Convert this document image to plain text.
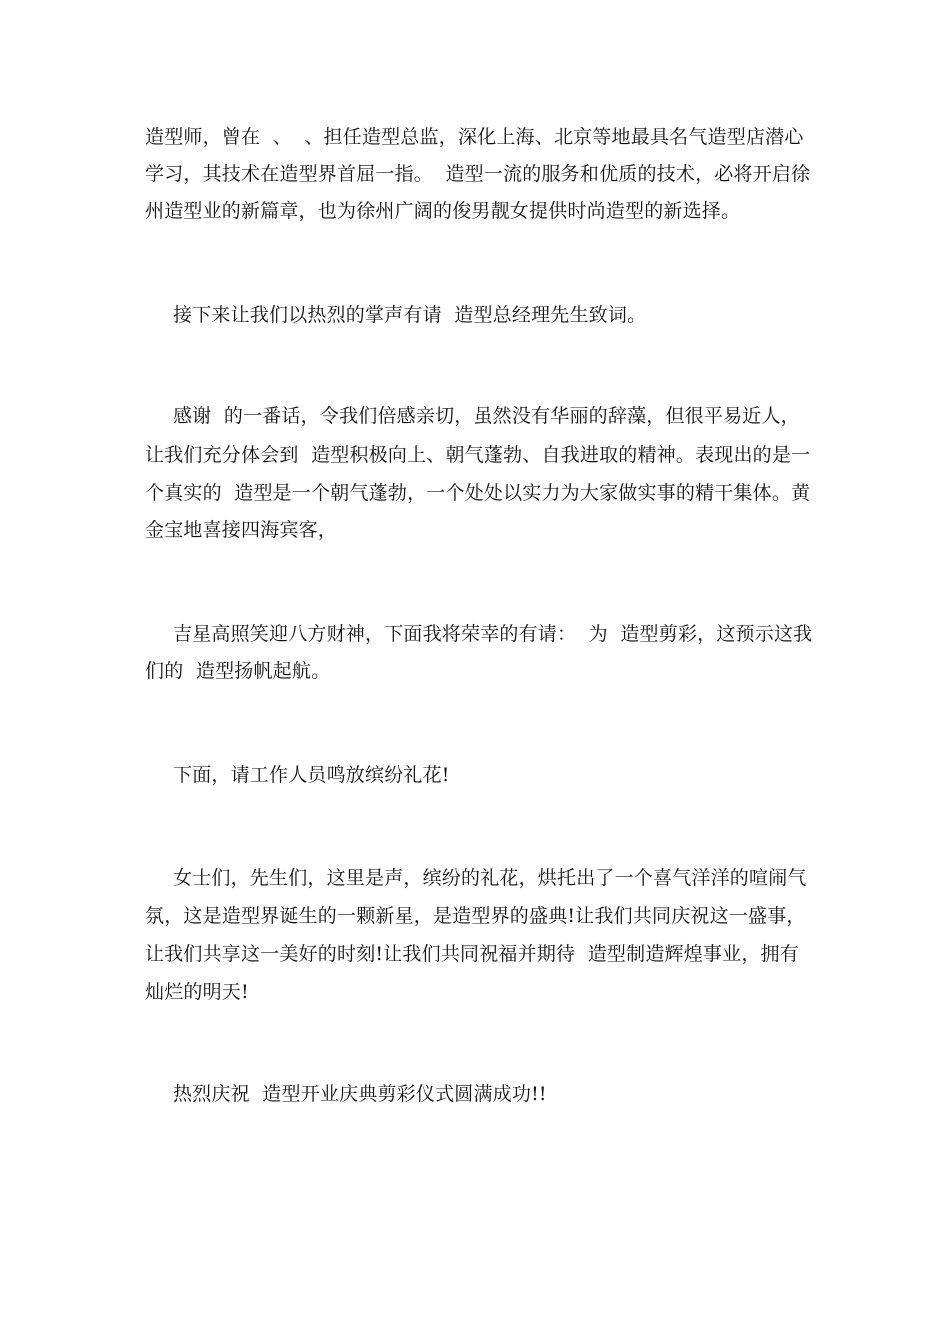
造型师，曾在  、  、担任造型总监，深化上海、北京等地最具名气造型店潜心
学习，其技术在造型界首屈一指。  造型一流的服务和优质的技术，必将开启徐
州造型业的新篇章，也为徐州广阔的俊男靓女提供时尚造型的新选择。
接下来让我们以热烈的掌声有请  造型总经理先生致词。
感谢  的一番话，令我们倍感亲切，虽然没有华丽的辞藻，但很平易近人，
让我们充分体会到  造型积极向上、朝气蓬勃、自我进取的精神。表现出的是一
个真实的  造型是一个朝气蓬勃，一个处处以实力为大家做实事的精干集体。黄
金宝地喜接四海宾客，
吉星高照笑迎八方财神，下面我将荣幸的有请：  为  造型剪彩，这预示这我
们的  造型扬帆起航。
下面，请工作人员鸣放缤纷礼花!
女士们，先生们，这里是声，缤纷的礼花，烘托出了一个喜气洋洋的喧闹气
氛，这是造型界诞生的一颗新星，是造型界的盛典!让我们共同庆祝这一盛事，
让我们共享这一美好的时刻!让我们共同祝福并期待  造型制造辉煌事业，拥有
灿烂的明天!
热烈庆祝  造型开业庆典剪彩仪式圆满成功!!
